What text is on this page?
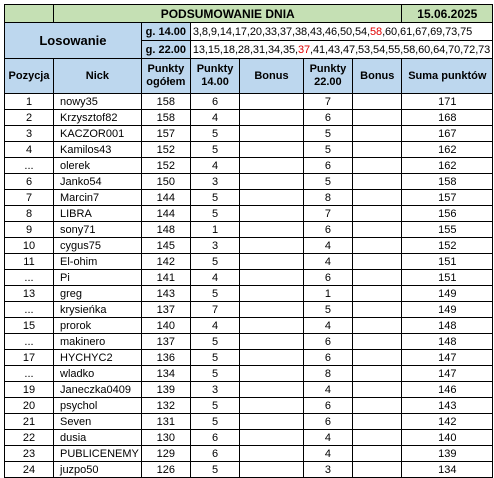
	PODSUMOWANIE DNIA						15.06.2025
Losowanie		g. 14.00	3,8,9,14,17,20,33,37,38,43,46,50,54,58,60,61,67,69,73,75				
		g. 22.00	13,15,18,28,31,34,35,37,41,43,47,53,54,55,58,60,64,70,72,73				
Pozycja	Nick	Punkty ogółem	Punkty 14.00	Bonus	Punkty 22.00	Bonus	Suma punktów
1	nowy35	158	6		7		171
2	Krzysztof82	158	4		6		168
3	KACZOR001	157	5		5		167
4	Kamilos43	152	5		5		162
...	olerek	152	4		6		162
6	Janko54	150	3		5		158
7	Marcin7	144	5		8		157
8	LIBRA	144	5		7		156
9	sony71	148	1		6		155
10	cygus75	145	3		4		152
11	El-ohim	142	5		4		151
...	Pi	141	4		6		151
13	greg	143	5		1		149
...	krysieńka	137	7		5		149
15	prorok	140	4		4		148
...	makinero	137	5		6		148
17	HYCHYC2	136	5		6		147
...	wladko	134	5		8		147
19	Janeczka0409	139	3		4		146
20	psychol	132	5		6		143
21	Seven	131	5		6		142
22	dusia	130	6		4		140
23	PUBLICENEMY	129	6		4		139
24	juzpo50	126	5		3		134
